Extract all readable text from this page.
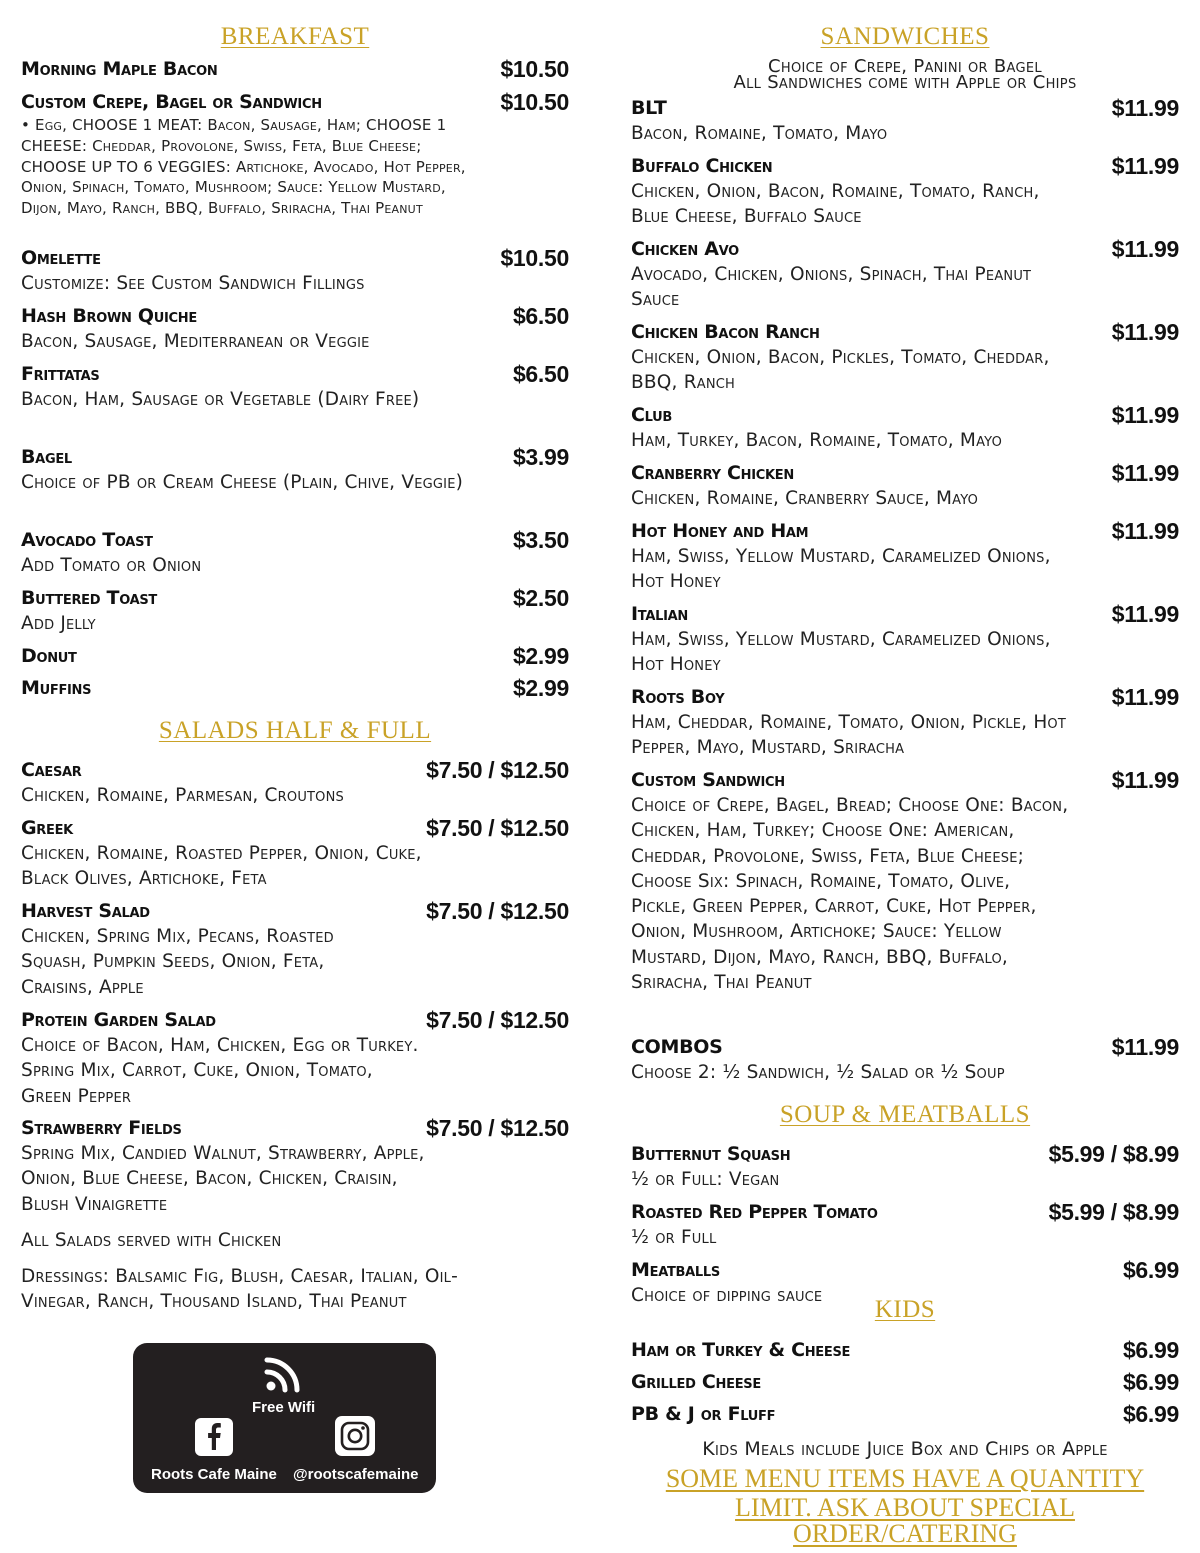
BREAKFAST
Morning Maple Bacon	$10.50
Custom Crepe, Bagel or Sandwich	$10.50
• Egg, CHOOSE 1 MEAT: Bacon, Sausage, Ham; CHOOSE 1 CHEESE: Cheddar, Provolone, Swiss, Feta, Blue Cheese; CHOOSE UP TO 6 VEGGIES: Artichoke, Avocado, Hot Pepper, Onion, Spinach, Tomato, Mushroom; Sauce: Yellow Mustard, Dijon, Mayo, Ranch, BBQ, Buffalo, Sriracha, Thai Peanut
Omelette	$10.50
Customize: See Custom Sandwich Fillings
Hash Brown Quiche	$6.50
Bacon, Sausage, Mediterranean or Veggie
Frittatas	$6.50
Bacon, Ham, Sausage or Vegetable (Dairy Free)
Bagel	$3.99
Choice of PB or Cream Cheese (Plain, Chive, Veggie)
Avocado Toast	$3.50
Add Tomato or Onion
Buttered Toast	$2.50
Add Jelly
Donut	$2.99
Muffins	$2.99
SALADS HALF & FULL
Caesar	$7.50 / $12.50
Chicken, Romaine, Parmesan, Croutons
Greek	$7.50 / $12.50
Chicken, Romaine, Roasted Pepper, Onion, Cuke, Black Olives, Artichoke, Feta
Harvest Salad	$7.50 / $12.50
Chicken, Spring Mix, Pecans, Roasted Squash, Pumpkin Seeds, Onion, Feta, Craisins, Apple
Protein Garden Salad	$7.50 / $12.50
Choice of Bacon, Ham, Chicken, Egg or Turkey. Spring Mix, Carrot, Cuke, Onion, Tomato, Green Pepper
Strawberry Fields	$7.50 / $12.50
Spring Mix, Candied Walnut, Strawberry, Apple, Onion, Blue Cheese, Bacon, Chicken, Craisin, Blush Vinaigrette
All Salads served with Chicken
Dressings: Balsamic Fig, Blush, Caesar, Italian, Oil-Vinegar, Ranch, Thousand Island, Thai Peanut
Free Wifi
Roots Cafe Maine @rootscafemaine
SANDWICHES
Choice of Crepe, Panini or Bagel
All Sandwiches come with Apple or Chips
BLT	$11.99
Bacon, Romaine, Tomato, Mayo
Buffalo Chicken	$11.99
Chicken, Onion, Bacon, Romaine, Tomato, Ranch, Blue Cheese, Buffalo Sauce
Chicken Avo	$11.99
Avocado, Chicken, Onions, Spinach, Thai Peanut Sauce
Chicken Bacon Ranch	$11.99
Chicken, Onion, Bacon, Pickles, Tomato, Cheddar, BBQ, Ranch
Club	$11.99
Ham, Turkey, Bacon, Romaine, Tomato, Mayo
Cranberry Chicken	$11.99
Chicken, Romaine, Cranberry Sauce, Mayo
Hot Honey and Ham	$11.99
Ham, Swiss, Yellow Mustard, Caramelized Onions, Hot Honey
Italian	$11.99
Ham, Swiss, Yellow Mustard, Caramelized Onions, Hot Honey
Roots Boy	$11.99
Ham, Cheddar, Romaine, Tomato, Onion, Pickle, Hot Pepper, Mayo, Mustard, Sriracha
Custom Sandwich	$11.99
Choice of Crepe, Bagel, Bread; Choose One: Bacon, Chicken, Ham, Turkey; Choose One: American, Cheddar, Provolone, Swiss, Feta, Blue Cheese; Choose Six: Spinach, Romaine, Tomato, Olive, Pickle, Green Pepper, Carrot, Cuke, Hot Pepper, Onion, Mushroom, Artichoke; Sauce: Yellow Mustard, Dijon, Mayo, Ranch, BBQ, Buffalo, Sriracha, Thai Peanut
COMBOS	$11.99
Choose 2: ½ Sandwich, ½ Salad or ½ Soup
SOUP & MEATBALLS
Butternut Squash	$5.99 / $8.99
½ or Full: Vegan
Roasted Red Pepper Tomato	$5.99 / $8.99
½ or Full
Meatballs	$6.99
Choice of dipping sauce
KIDS
Ham or Turkey & Cheese	$6.99
Grilled Cheese	$6.99
PB & J or Fluff	$6.99
Kids Meals include Juice Box and Chips or Apple
SOME MENU ITEMS HAVE A QUANTITY
LIMIT. ASK ABOUT SPECIAL ORDER/CATERING
